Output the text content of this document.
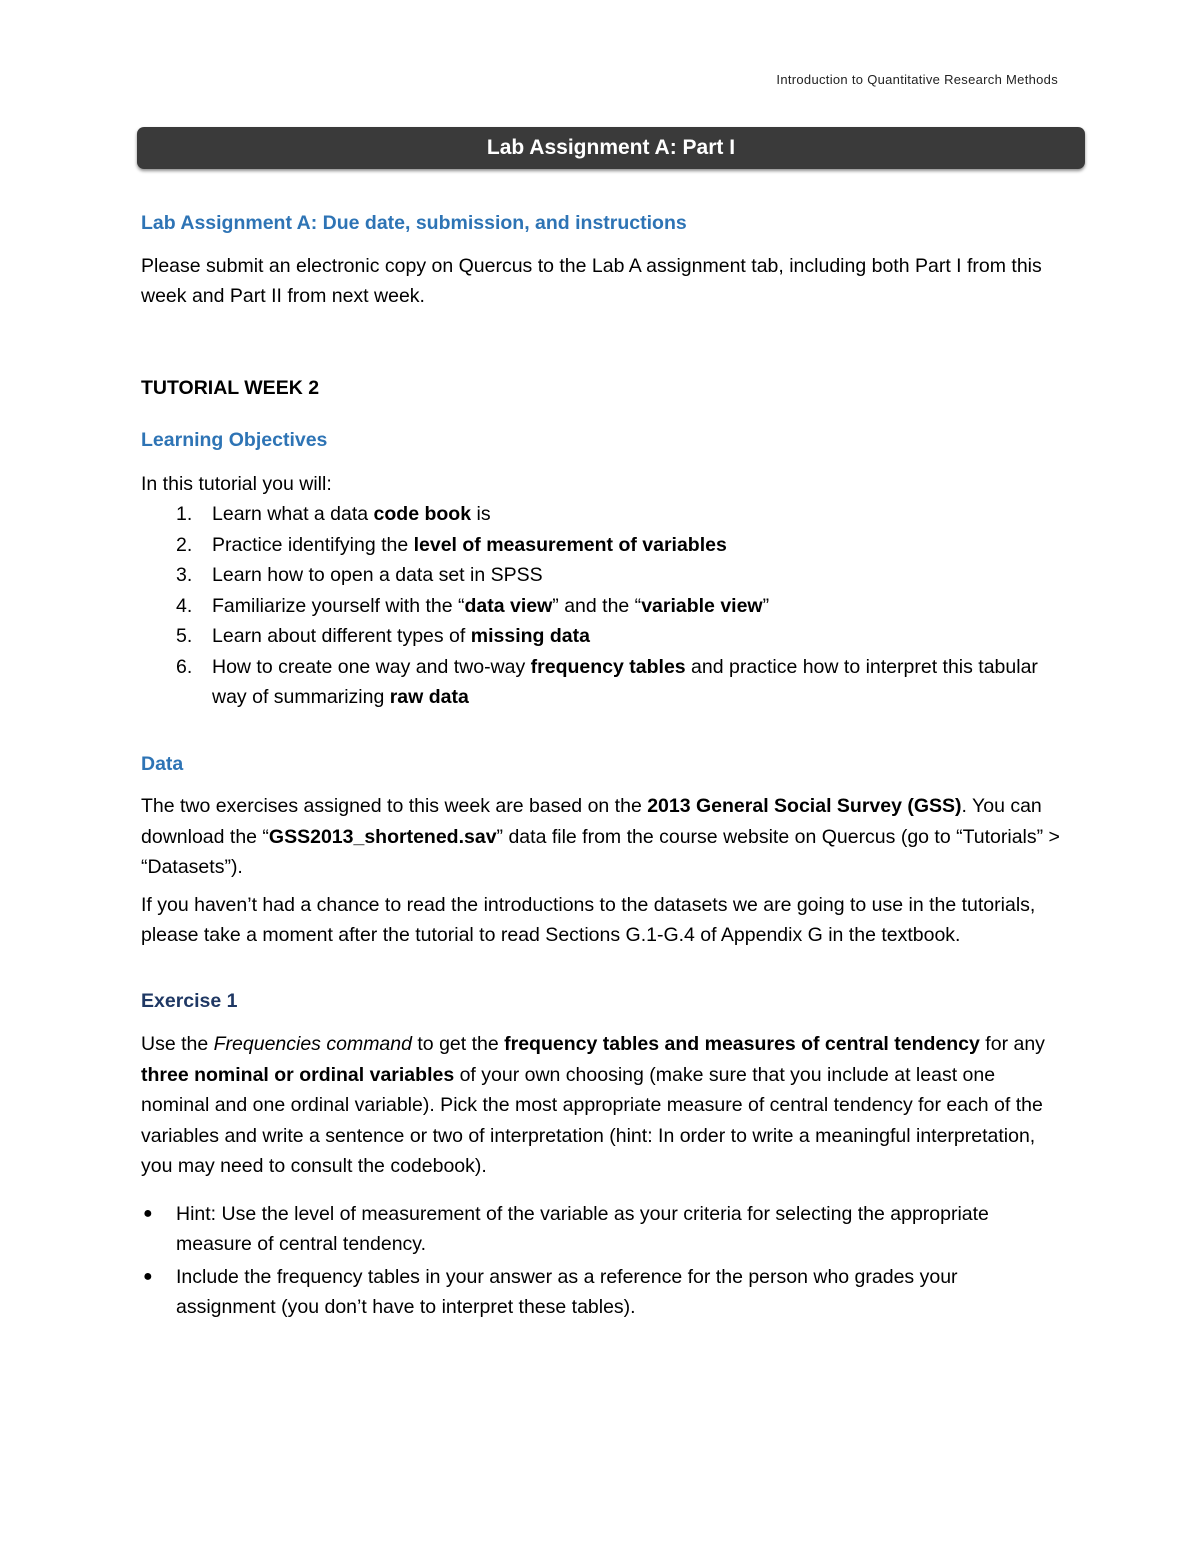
Introduction to Quantitative Research Methods
Lab Assignment A: Part I

Lab Assignment A: Due date, submission, and instructions

Please submit an electronic copy on Quercus to the Lab A assignment tab, including both Part I from this week and Part II from next week.

TUTORIAL WEEK 2

Learning Objectives

In this tutorial you will:

1. Learn what a data code book is
2. Practice identifying the level of measurement of variables
3. Learn how to open a data set in SPSS
4. Familiarize yourself with the “data view” and the “variable view”
5. Learn about different types of missing data
6. How to create one way and two-way frequency tables and practice how to interpret this tabular way of summarizing raw data

Data

The two exercises assigned to this week are based on the 2013 General Social Survey (GSS). You can download the “GSS2013_shortened.sav” data file from the course website on Quercus (go to “Tutorials” > “Datasets”).

If you haven’t had a chance to read the introductions to the datasets we are going to use in the tutorials, please take a moment after the tutorial to read Sections G.1-G.4 of Appendix G in the textbook.

Exercise 1

Use the Frequencies command to get the frequency tables and measures of central tendency for any three nominal or ordinal variables of your own choosing (make sure that you include at least one nominal and one ordinal variable). Pick the most appropriate measure of central tendency for each of the variables and write a sentence or two of interpretation (hint: In order to write a meaningful interpretation, you may need to consult the codebook).

● Hint: Use the level of measurement of the variable as your criteria for selecting the appropriate measure of central tendency.
● Include the frequency tables in your answer as a reference for the person who grades your assignment (you don’t have to interpret these tables).
